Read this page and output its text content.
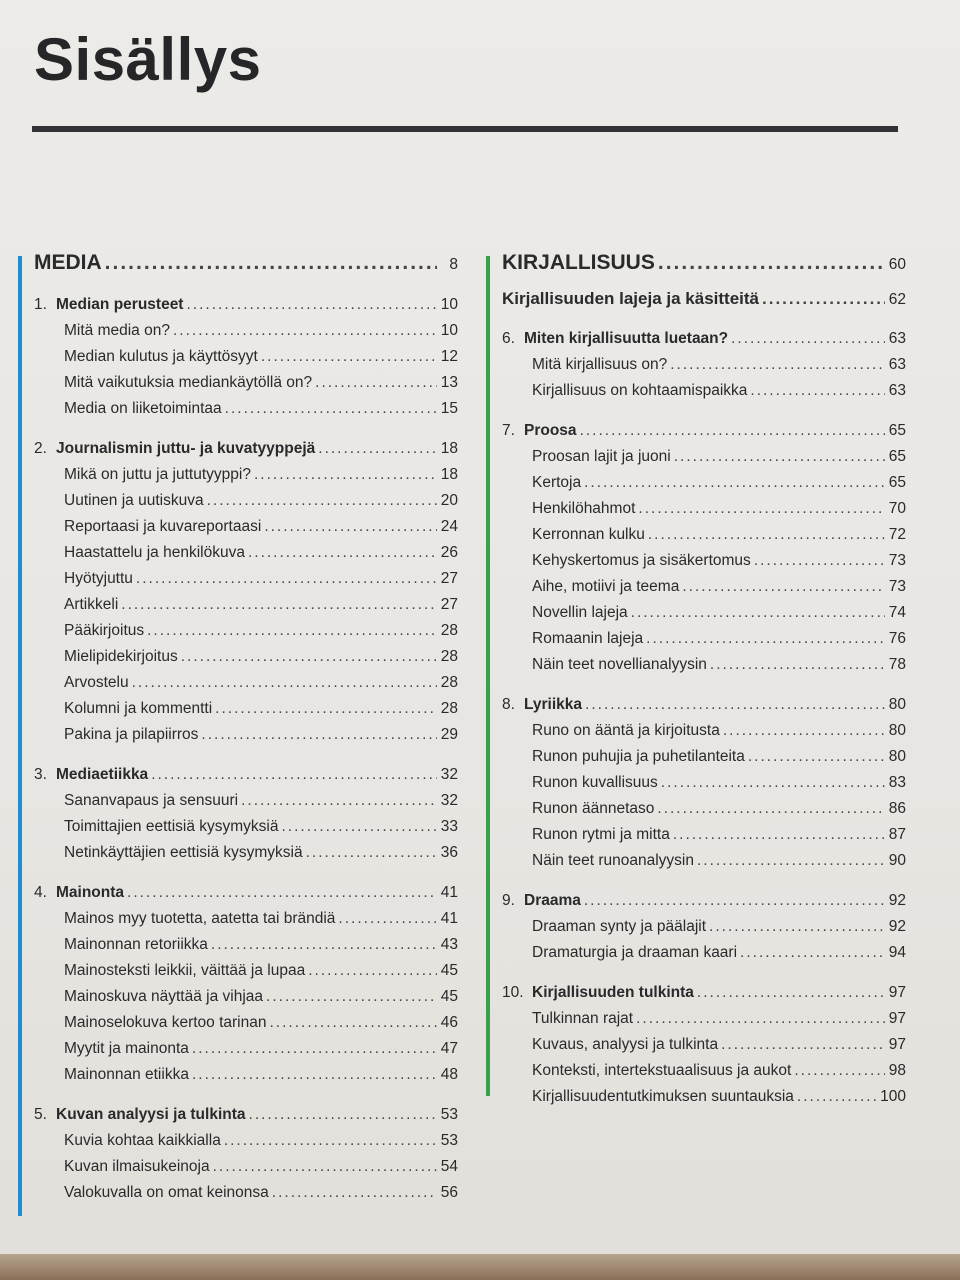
Sisällys
MEDIA .....	8
1. Median perusteet .....	10
Mitä media on? .....	10
Median kulutus ja käyttösyyt .....	12
Mitä vaikutuksia mediankäytöllä on? .....	13
Media on liiketoimintaa .....	15
2. Journalismin juttu- ja kuvatyyppejä .....	18
Mikä on juttu ja juttutyyppi? .....	18
Uutinen ja uutiskuva .....	20
Reportaasi ja kuvareportaasi .....	24
Haastattelu ja henkilökuva .....	26
Hyötyjuttu .....	27
Artikkeli .....	27
Pääkirjoitus .....	28
Mielipidekirjoitus .....	28
Arvostelu .....	28
Kolumni ja kommentti .....	28
Pakina ja pilapiirros .....	29
3. Mediaetiikka .....	32
Sananvapaus ja sensuuri .....	32
Toimittajien eettisiä kysymyksiä .....	33
Netinkäyttäjien eettisiä kysymyksiä .....	36
4. Mainonta .....	41
Mainos myy tuotetta, aatetta tai brändiä .....	41
Mainonnan retoriikka .....	43
Mainosteksti leikkii, väittää ja lupaa .....	45
Mainoskuva näyttää ja vihjaa .....	45
Mainoselokuva kertoo tarinan .....	46
Myytit ja mainonta .....	47
Mainonnan etiikka .....	48
5. Kuvan analyysi ja tulkinta .....	53
Kuvia kohtaa kaikkialla .....	53
Kuvan ilmaisukeinoja .....	54
Valokuvalla on omat keinonsa .....	56
KIRJALLISUUS .....	60
Kirjallisuuden lajeja ja käsitteitä .....	62
6. Miten kirjallisuutta luetaan? .....	63
Mitä kirjallisuus on? .....	63
Kirjallisuus on kohtaamispaikka .....	63
7. Proosa .....	65
Proosan lajit ja juoni .....	65
Kertoja .....	65
Henkilöhahmot .....	70
Kerronnan kulku .....	72
Kehyskertomus ja sisäkertomus .....	73
Aihe, motiivi ja teema .....	73
Novellin lajeja .....	74
Romaanin lajeja .....	76
Näin teet novellianalyysin .....	78
8. Lyriikka .....	80
Runo on ääntä ja kirjoitusta .....	80
Runon puhujia ja puhetilanteita .....	80
Runon kuvallisuus .....	83
Runon äännetaso .....	86
Runon rytmi ja mitta .....	87
Näin teet runoanalyysin .....	90
9. Draama .....	92
Draaman synty ja päälajit .....	92
Dramaturgia ja draaman kaari .....	94
10. Kirjallisuuden tulkinta .....	97
Tulkinnan rajat .....	97
Kuvaus, analyysi ja tulkinta .....	97
Konteksti, intertekstuaalisuus ja aukot .....	98
Kirjallisuudentutkimuksen suuntauksia .....	100
